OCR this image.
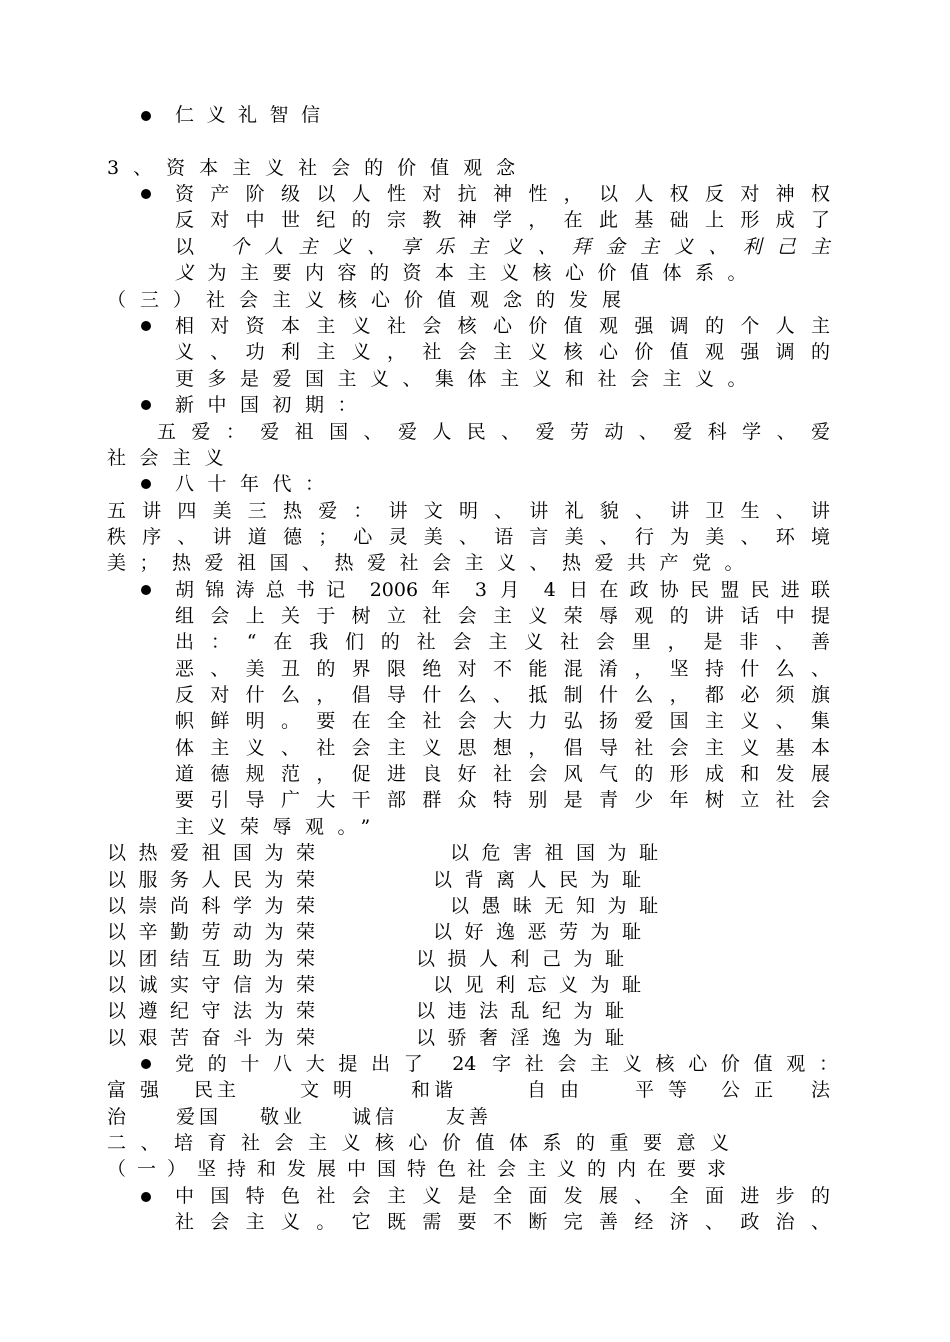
仁义礼智信
3、资本主义社会的价值观念
资产阶级以人性对抗神性，以人权反对神权
反对中世纪的宗教神学，在此基础上形成了
以 个人主义、享乐主义、拜金主义、利己主
义为主要内容的资本主义核心价值体系。
（三）社会主义核心价值观念的发展
相对资本主义社会核心价值观强调的个人主
义、功利主义，社会主义核心价值观强调的
更多是爱国主义、集体主义和社会主义。
新中国初期：
五爱：爱祖国、爱人民、爱劳动、爱科学、爱
社会主义
八十年代：
五讲四美三热爱：讲文明、讲礼貌、讲卫生、讲
秩序、讲道德；心灵美、语言美、行为美、环境
美；热爱祖国、热爱社会主义、热爱共产党。
胡锦涛总书记 2006 年 3 月 4 日在政协民盟民进联
组会上关于树立社会主义荣辱观的讲话中提
出：“在我们的社会主义社会里，是非、善
恶、美丑的界限绝对不能混淆，坚持什么、
反对什么，倡导什么、抵制什么，都必须旗
帜鲜明。要在全社会大力弘扬爱国主义、集
体主义、社会主义思想，倡导社会主义基本
道德规范，促进良好社会风气的形成和发展
要引导广大干部群众特别是青少年树立社会
主义荣辱观。”
以热爱祖国为荣	以危害祖国为耻
以服务人民为荣	以背离人民为耻
以崇尚科学为荣	以愚昧无知为耻
以辛勤劳动为荣	以好逸恶劳为耻
以团结互助为荣	以损人利己为耻
以诚实守信为荣	以见利忘义为耻
以遵纪守法为荣	以违法乱纪为耻
以艰苦奋斗为荣	以骄奢淫逸为耻
党的十八大提出了 24 字社会主义核心价值观：
富强 民主	文明 和谐	自由 平等 公正 法
治 爱国 敬业 诚信	友善
二、培育社会主义核心价值体系的重要意义
（一）坚持和发展中国特色社会主义的内在要求
中国特色社会主义是全面发展、全面进步的
社会主义。它既需要不断完善经济、政治、
